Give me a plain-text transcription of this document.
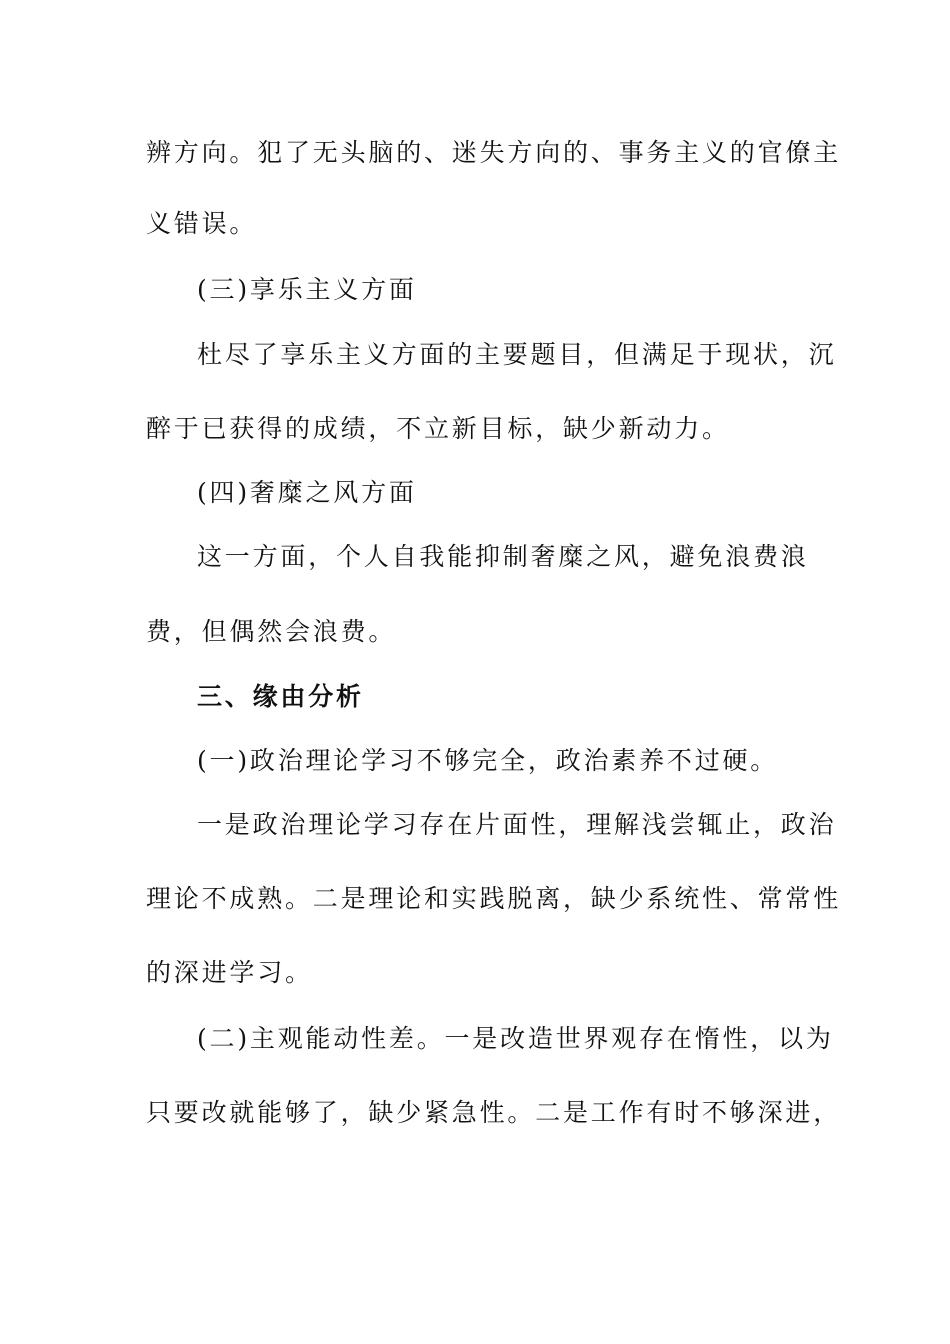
辨方向。犯了无头脑的、迷失方向的、事务主义的官僚主
义错误。
(三)享乐主义方面
杜尽了享乐主义方面的主要题目，但满足于现状，沉
醉于已获得的成绩，不立新目标，缺少新动力。
(四)奢糜之风方面
这一方面，个人自我能抑制奢糜之风，避免浪费浪
费，但偶然会浪费。
三、缘由分析
(一)政治理论学习不够完全，政治素养不过硬。
一是政治理论学习存在片面性，理解浅尝辄止，政治
理论不成熟。二是理论和实践脱离，缺少系统性、常常性
的深进学习。
(二)主观能动性差。一是改造世界观存在惰性，以为
只要改就能够了，缺少紧急性。二是工作有时不够深进，
